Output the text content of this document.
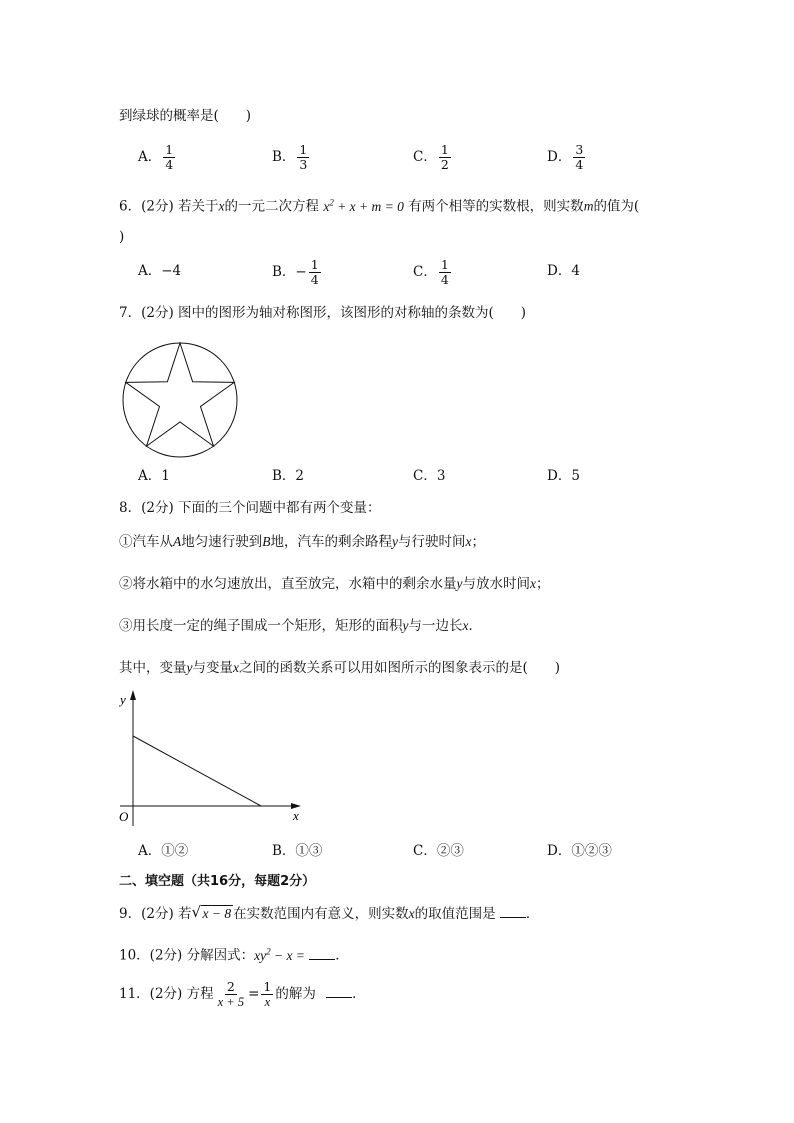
到绿球的概率是(　　)
A． $\frac{1}{4}$	B． $\frac{1}{3}$	C． $\frac{1}{2}$	D． $\frac{3}{4}$
6．(2分) 若关于x的一元二次方程 $x^2 + x + m = 0$ 有两个相等的实数根，则实数m的值为(
)
A．−4	B．− $\frac{1}{4}$	C． $\frac{1}{4}$	D．4
7．(2分) 图中的图形为轴对称图形，该图形的对称轴的条数为(　　)
A．1	B．2	C．3	D．5
8．(2分) 下面的三个问题中都有两个变量：
①汽车从A地匀速行驶到B地，汽车的剩余路程y与行驶时间x；
②将水箱中的水匀速放出，直至放完，水箱中的剩余水量y与放水时间x；
③用长度一定的绳子围成一个矩形，矩形的面积y与一边长x．
其中，变量y与变量x之间的函数关系可以用如图所示的图象表示的是(　　)
y
x
O
A．①②	B．①③	C．②③	D．①②③
二、填空题（共16分，每题2分）
9．(2分) 若 √ x − 8 在实数范围内有意义，则实数x的取值范围是 ．
10．(2分) 分解因式：$xy^2 - x$ = ．
11．(2分) 方程 $\frac{2}{x + 5} = \frac{1}{x}$ 的解为	．
